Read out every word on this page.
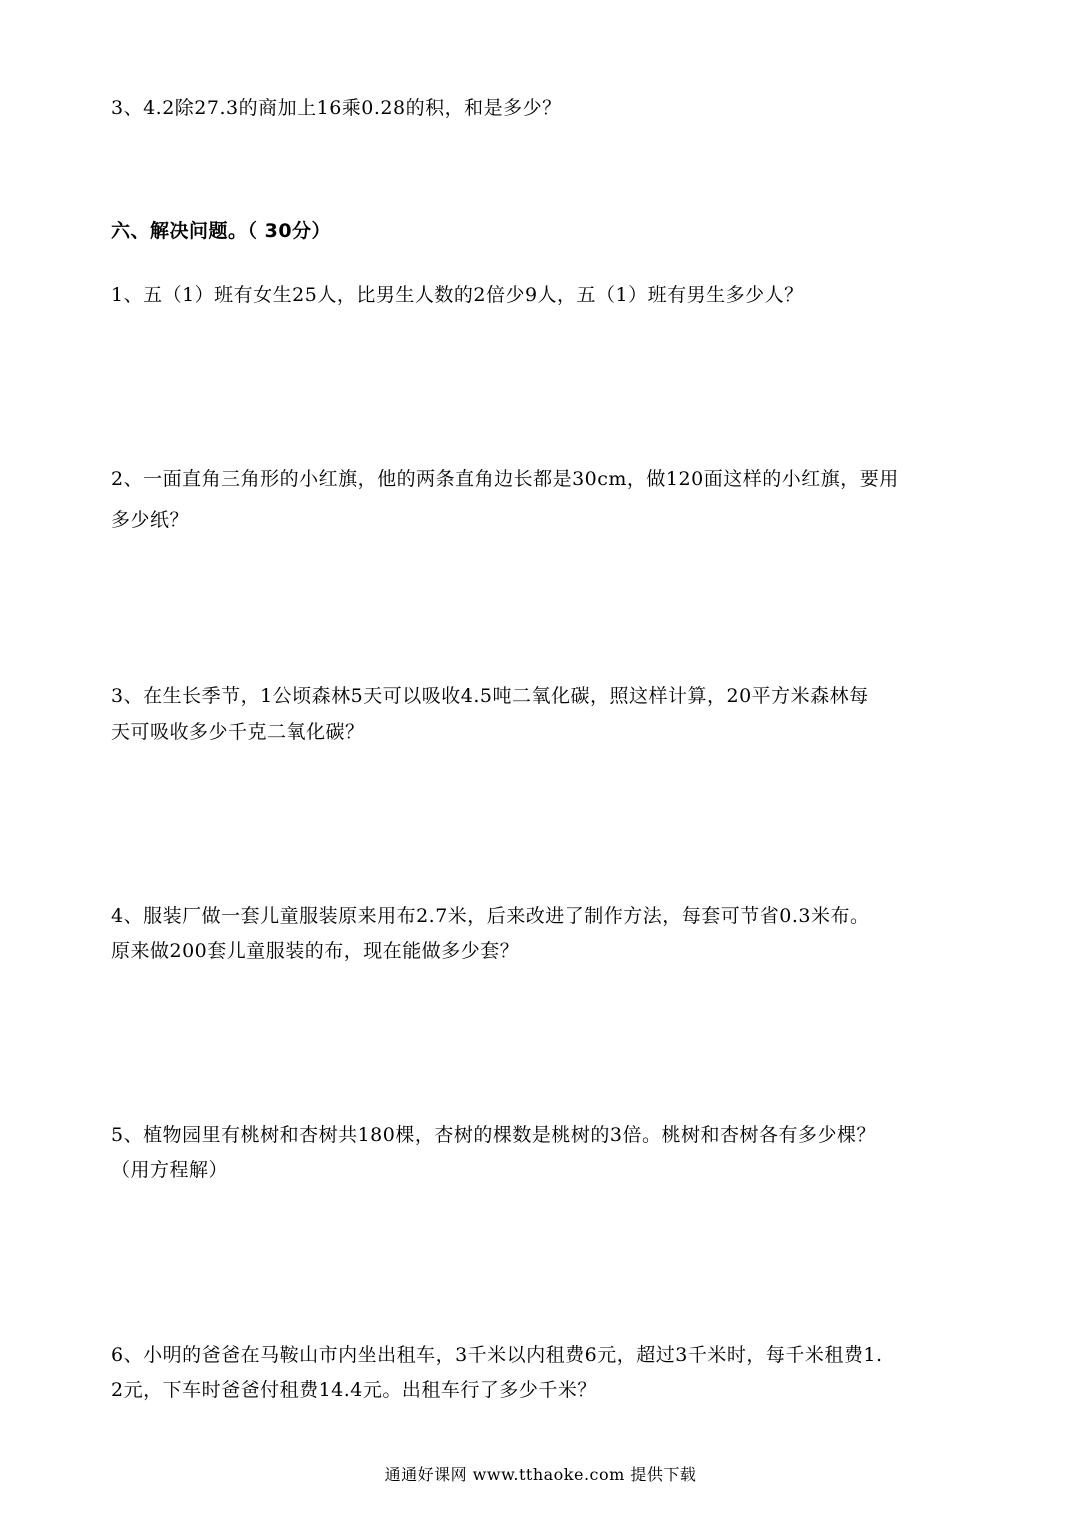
3、4.2除27.3的商加上16乘0.28的积，和是多少？
六、解决问题。（ 30分）
1、五（1）班有女生25人，比男生人数的2倍少9人，五（1）班有男生多少人？
2、一面直角三角形的小红旗，他的两条直角边长都是30cm，做120面这样的小红旗，要用
多少纸？
3、在生长季节，1公顷森林5天可以吸收4.5吨二氧化碳，照这样计算，20平方米森林每
天可吸收多少千克二氧化碳？
4、服装厂做一套儿童服装原来用布2.7米，后来改进了制作方法，每套可节省0.3米布。
原来做200套儿童服装的布，现在能做多少套？
5、植物园里有桃树和杏树共180棵，杏树的棵数是桃树的3倍。桃树和杏树各有多少棵？
（用方程解）
6、小明的爸爸在马鞍山市内坐出租车，3千米以内租费6元，超过3千米时，每千米租费1.
2元，下车时爸爸付租费14.4元。出租车行了多少千米？
通通好课网 www.tthaoke.com 提供下载
